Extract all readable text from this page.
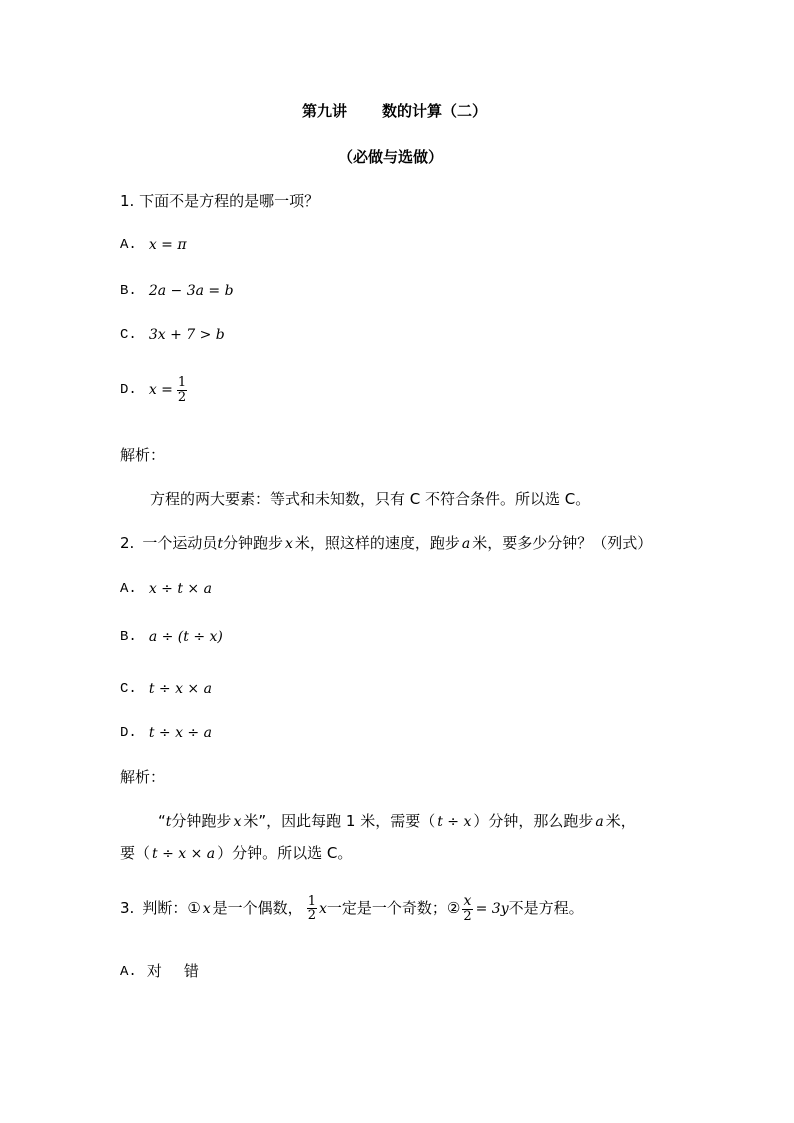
第九讲 数的计算（二）
（必做与选做）
1. 下面不是方程的是哪一项？
A. x = π
B. 2a − 3a = b
C. 3x + 7 > b
D. $x = \frac{1}{2}$
解析：
方程的两大要素：等式和未知数，只有 C 不符合条件。所以选 C。
2. 一个运动员 t 分钟跑步 x 米，照这样的速度，跑步 a 米，要多少分钟？（列式）
A. x ÷ t × a
B. a ÷ (t ÷ x)
C. t ÷ x × a
D. t ÷ x ÷ a
解析：
“ t 分钟跑步 x 米”，因此每跑 1 米，需要（ t ÷ x ）分钟，那么跑步 a 米，
要（ t ÷ x × a ）分钟。所以选 C。
3. 判断：① x 是一个偶数， $\frac{1}{2}$ x 一定是一个奇数；② $\frac{x}{2} = 3y$ 不是方程。
A. 对 错
